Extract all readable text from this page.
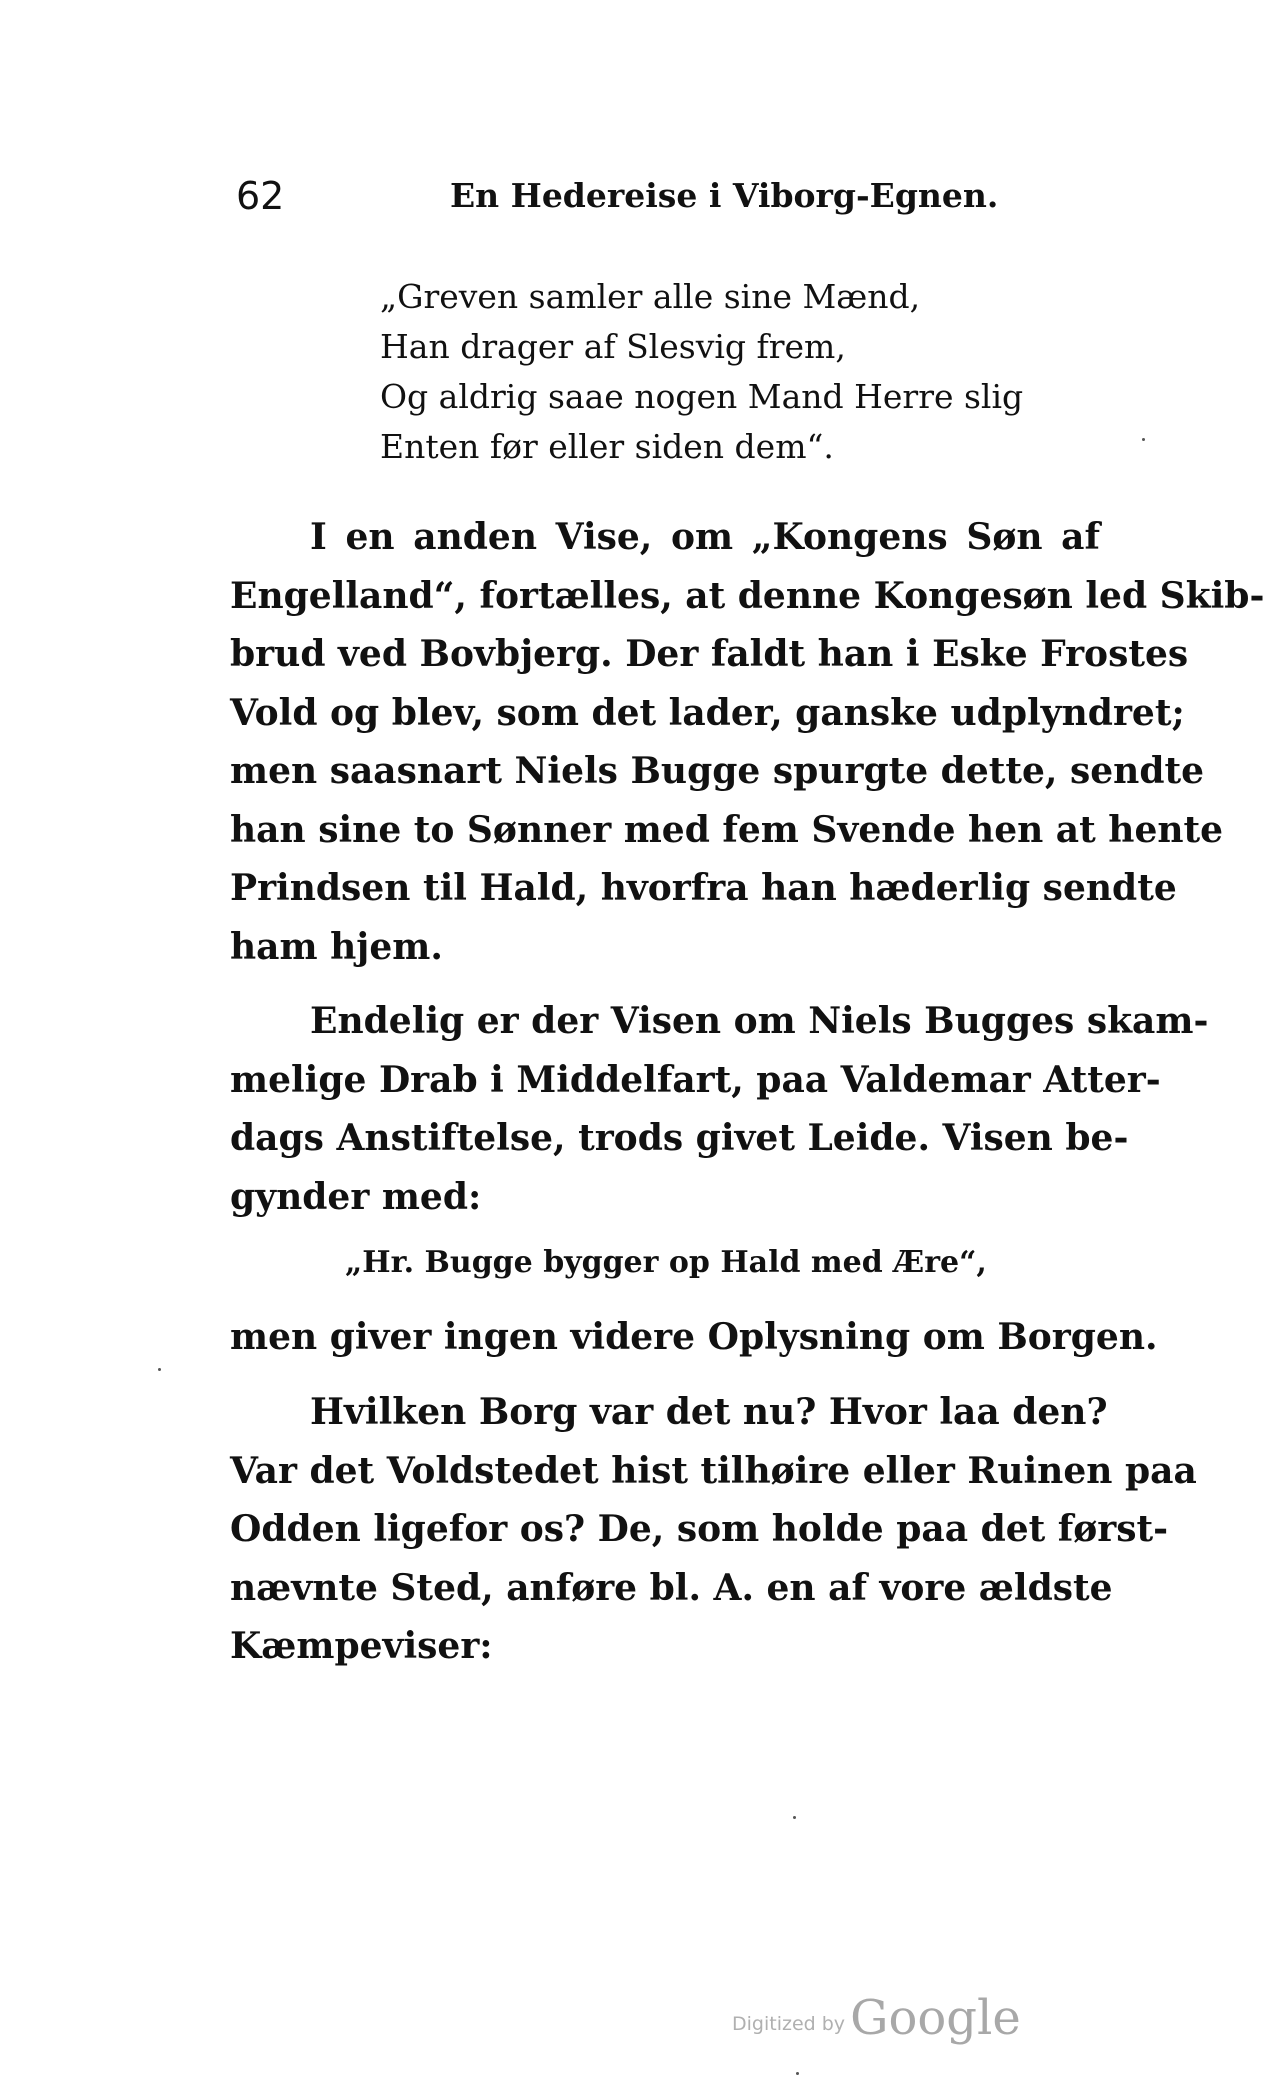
62	En Hedereise i Viborg-Egnen.
„Greven samler alle sine Mænd,
Han drager af Slesvig frem,
Og aldrig saae nogen Mand Herre slig
Enten før eller siden dem“.
I en anden Vise, om „Kongens Søn af
Engelland“, fortælles, at denne Kongesøn led Skib-
brud ved Bovbjerg. Der faldt han i Eske Frostes
Vold og blev, som det lader, ganske udplyndret;
men saasnart Niels Bugge spurgte dette, sendte
han sine to Sønner med fem Svende hen at hente
Prindsen til Hald, hvorfra han hæderlig sendte
ham hjem.
Endelig er der Visen om Niels Bugges skam-
melige Drab i Middelfart, paa Valdemar Atter-
dags Anstiftelse, trods givet Leide. Visen be-
gynder med:
„Hr. Bugge bygger op Hald med Ære“,
men giver ingen videre Oplysning om Borgen.
Hvilken Borg var det nu? Hvor laa den?
Var det Voldstedet hist tilhøire eller Ruinen paa
Odden ligefor os? De, som holde paa det først-
nævnte Sted, anføre bl. A. en af vore ældste
Kæmpeviser:
Digitized by Google
